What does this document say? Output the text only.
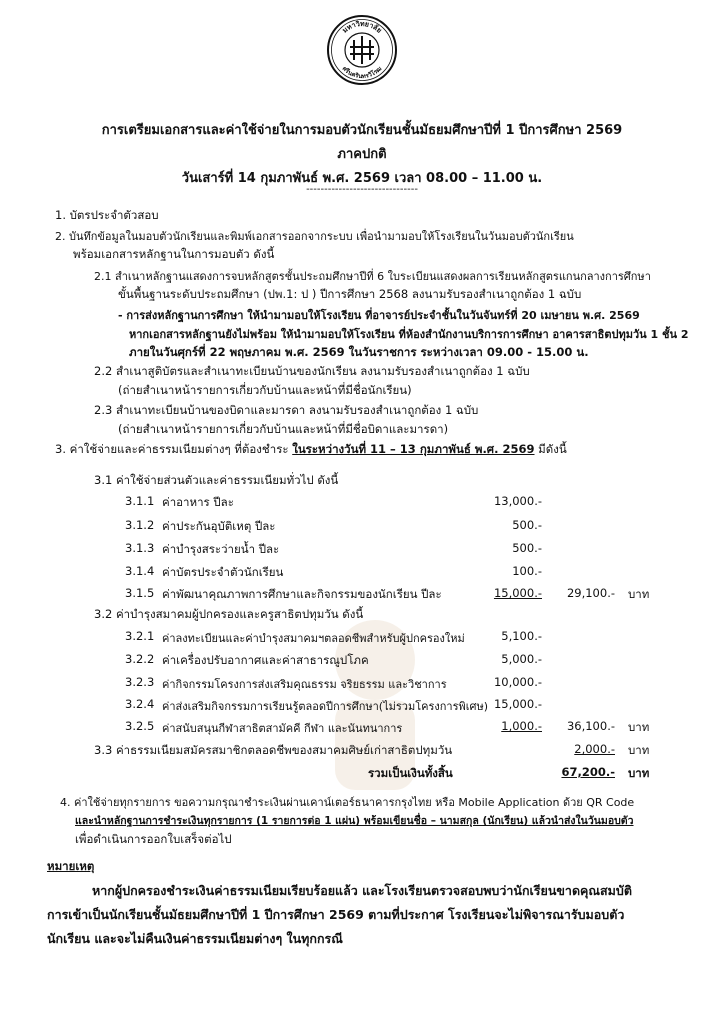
มหาวิทยาลัย
ศรีนครินทรวิโรฒ
การเตรียมเอกสารและค่าใช้จ่ายในการมอบตัวนักเรียนชั้นมัธยมศึกษาปีที่ 1 ปีการศึกษา 2569
ภาคปกติ
วันเสาร์ที่ 14 กุมภาพันธ์ พ.ศ. 2569 เวลา 08.00 – 11.00 น.
-------------------------------
1. บัตรประจำตัวสอบ
2. บันทึกข้อมูลในมอบตัวนักเรียนและพิมพ์เอกสารออกจากระบบ เพื่อนำมามอบให้โรงเรียนในวันมอบตัวนักเรียน
พร้อมเอกสารหลักฐานในการมอบตัว ดังนี้
2.1 สำเนาหลักฐานแสดงการจบหลักสูตรชั้นประถมศึกษาปีที่ 6 ใบระเบียนแสดงผลการเรียนหลักสูตรแกนกลางการศึกษา
ขั้นพื้นฐานระดับประถมศึกษา (ปพ.1: ป ) ปีการศึกษา 2568 ลงนามรับรองสำเนาถูกต้อง 1 ฉบับ
- การส่งหลักฐานการศึกษา ให้นำมามอบให้โรงเรียน ที่อาจารย์ประจำชั้นในวันจันทร์ที่ 20 เมษายน พ.ศ. 2569
หากเอกสารหลักฐานยังไม่พร้อม ให้นำมามอบให้โรงเรียน ที่ห้องสำนักงานบริการการศึกษา อาคารสาธิตปทุมวัน 1 ชั้น 2
ภายในวันศุกร์ที่ 22 พฤษภาคม พ.ศ. 2569 ในวันราชการ ระหว่างเวลา 09.00 - 15.00 น.
2.2 สำเนาสูติบัตรและสำเนาทะเบียนบ้านของนักเรียน ลงนามรับรองสำเนาถูกต้อง 1 ฉบับ
(ถ่ายสำเนาหน้ารายการเกี่ยวกับบ้านและหน้าที่มีชื่อนักเรียน)
2.3 สำเนาทะเบียนบ้านของบิดาและมารดา ลงนามรับรองสำเนาถูกต้อง 1 ฉบับ
(ถ่ายสำเนาหน้ารายการเกี่ยวกับบ้านและหน้าที่มีชื่อบิดาและมารดา)
3. ค่าใช้จ่ายและค่าธรรมเนียมต่างๆ ที่ต้องชำระ ในระหว่างวันที่ 11 – 13 กุมภาพันธ์ พ.ศ. 2569 มีดังนี้
3.1 ค่าใช้จ่ายส่วนตัวและค่าธรรมเนียมทั่วไป ดังนี้
3.1.1 ค่าอาหาร ปีละ	13,000.-
3.1.2 ค่าประกันอุบัติเหตุ ปีละ	500.-
3.1.3 ค่าบำรุงสระว่ายน้ำ ปีละ	500.-
3.1.4 ค่าบัตรประจำตัวนักเรียน	100.-
3.1.5 ค่าพัฒนาคุณภาพการศึกษาและกิจกรรมของนักเรียน ปีละ	15,000.-	29,100.- บาท
3.2 ค่าบำรุงสมาคมผู้ปกครองและครูสาธิตปทุมวัน ดังนี้
3.2.1 ค่าลงทะเบียนและค่าบำรุงสมาคมฯตลอดชีพสำหรับผู้ปกครองใหม่	5,100.-
3.2.2 ค่าเครื่องปรับอากาศและค่าสาธารณูปโภค	5,000.-
3.2.3 ค่ากิจกรรมโครงการส่งเสริมคุณธรรม จริยธรรม และวิชาการ	10,000.-
3.2.4 ค่าส่งเสริมกิจกรรมการเรียนรู้ตลอดปีการศึกษา(ไม่รวมโครงการพิเศษ) 15,000.-
3.2.5 ค่าสนับสนุนกีฬาสาธิตสามัคคี กีฬา และนันทนาการ	1,000.-	36,100.- บาท
3.3 ค่าธรรมเนียมสมัครสมาชิกตลอดชีพของสมาคมศิษย์เก่าสาธิตปทุมวัน	2,000.- บาท
รวมเป็นเงินทั้งสิ้น	67,200.- บาท
4. ค่าใช้จ่ายทุกรายการ ขอความกรุณาชำระเงินผ่านเคาน์เตอร์ธนาคารกรุงไทย หรือ Mobile Application ด้วย QR Code
และนำหลักฐานการชำระเงินทุกรายการ (1 รายการต่อ 1 แผ่น) พร้อมเขียนชื่อ – นามสกุล (นักเรียน) แล้วนำส่งในวันมอบตัว
เพื่อดำเนินการออกใบเสร็จต่อไป
หมายเหตุ
หากผู้ปกครองชำระเงินค่าธรรมเนียมเรียบร้อยแล้ว และโรงเรียนตรวจสอบพบว่านักเรียนขาดคุณสมบัติ
การเข้าเป็นนักเรียนชั้นมัธยมศึกษาปีที่ 1 ปีการศึกษา 2569 ตามที่ประกาศ โรงเรียนจะไม่พิจารณารับมอบตัว
นักเรียน และจะไม่คืนเงินค่าธรรมเนียมต่างๆ ในทุกกรณี
